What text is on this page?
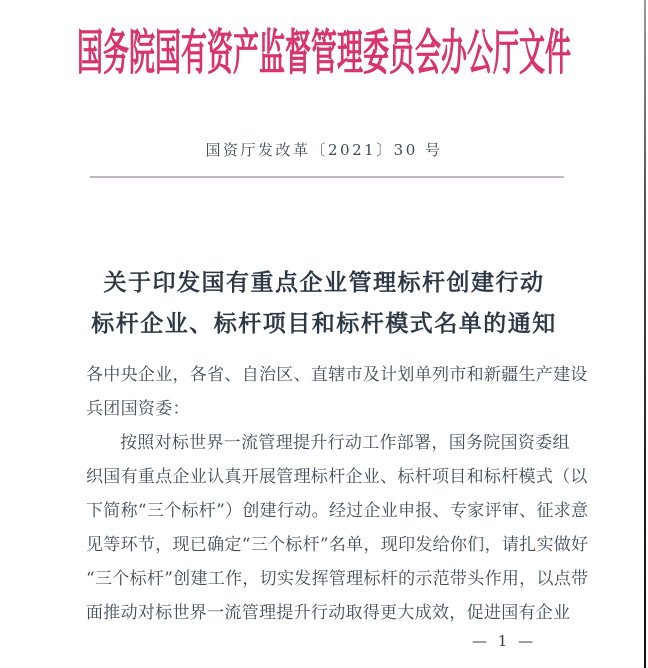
国务院国有资产监督管理委员会办公厅文件
国资厅发改革〔2021〕30 号
关于印发国有重点企业管理标杆创建行动
标杆企业、标杆项目和标杆模式名单的通知
各中央企业，各省、自治区、直辖市及计划单列市和新疆生产建设
兵团国资委：
按照对标世界一流管理提升行动工作部署，国务院国资委组
织国有重点企业认真开展管理标杆企业、标杆项目和标杆模式（以
下简称“三个标杆”）创建行动。经过企业申报、专家评审、征求意
见等环节，现已确定“三个标杆”名单，现印发给你们，请扎实做好
“三个标杆”创建工作，切实发挥管理标杆的示范带头作用，以点带
面推动对标世界一流管理提升行动取得更大成效，促进国有企业
— 1 —
